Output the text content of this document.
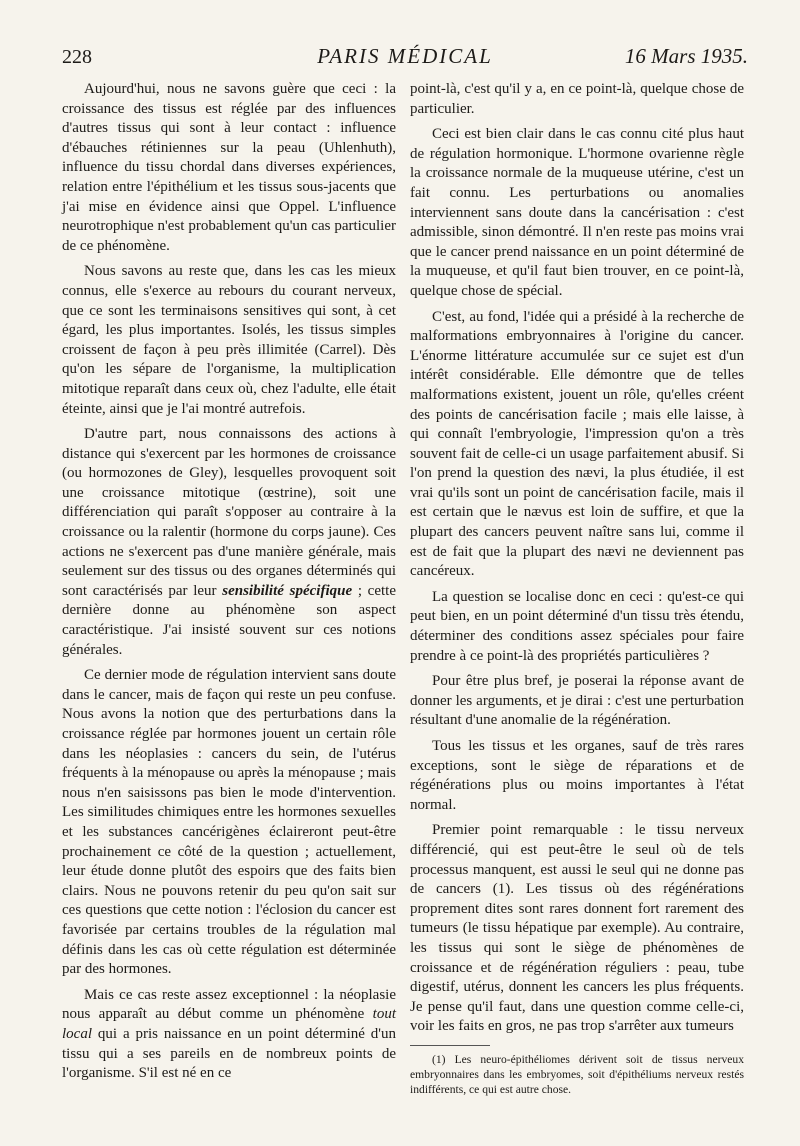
228	PARIS MÉDICAL	16 Mars 1935.

Aujourd'hui, nous ne savons guère que ceci : la croissance des tissus est réglée par des influences d'autres tissus qui sont à leur contact : influence d'ébauches rétiniennes sur la peau (Uhlenhuth), influence du tissu chordal dans diverses expériences, relation entre l'épithélium et les tissus sous-jacents que j'ai mise en évidence ainsi que Oppel. L'influence neurotrophique n'est probablement qu'un cas particulier de ce phénomène.

Nous savons au reste que, dans les cas les mieux connus, elle s'exerce au rebours du courant nerveux, que ce sont les terminaisons sensitives qui sont, à cet égard, les plus importantes. Isolés, les tissus simples croissent de façon à peu près illimitée (Carrel). Dès qu'on les sépare de l'organisme, la multiplication mitotique reparaît dans ceux où, chez l'adulte, elle était éteinte, ainsi que je l'ai montré autrefois.

D'autre part, nous connaissons des actions à distance qui s'exercent par les hormones de croissance (ou hormozones de Gley), lesquelles provoquent soit une croissance mitotique (œstrine), soit une différenciation qui paraît s'opposer au contraire à la croissance ou la ralentir (hormone du corps jaune). Ces actions ne s'exercent pas d'une manière générale, mais seulement sur des tissus ou des organes déterminés qui sont caractérisés par leur sensibilité spécifique ; cette dernière donne au phénomène son aspect caractéristique. J'ai insisté souvent sur ces notions générales.

Ce dernier mode de régulation intervient sans doute dans le cancer, mais de façon qui reste un peu confuse. Nous avons la notion que des perturbations dans la croissance réglée par hormones jouent un certain rôle dans les néoplasies : cancers du sein, de l'utérus fréquents à la ménopause ou après la ménopause ; mais nous n'en saisissons pas bien le mode d'intervention. Les similitudes chimiques entre les hormones sexuelles et les substances cancérigènes éclaireront peut-être prochainement ce côté de la question ; actuellement, leur étude donne plutôt des espoirs que des faits bien clairs. Nous ne pouvons retenir du peu qu'on sait sur ces questions que cette notion : l'éclosion du cancer est favorisée par certains troubles de la régulation mal définis dans les cas où cette régulation est déterminée par des hormones.

Mais ce cas reste assez exceptionnel : la néoplasie nous apparaît au début comme un phénomène tout local qui a pris naissance en un point déterminé d'un tissu qui a ses pareils en de nombreux points de l'organisme. S'il est né en ce

point-là, c'est qu'il y a, en ce point-là, quelque chose de particulier.

Ceci est bien clair dans le cas connu cité plus haut de régulation hormonique. L'hormone ovarienne règle la croissance normale de la muqueuse utérine, c'est un fait connu. Les perturbations ou anomalies interviennent sans doute dans la cancérisation : c'est admissible, sinon démontré. Il n'en reste pas moins vrai que le cancer prend naissance en un point déterminé de la muqueuse, et qu'il faut bien trouver, en ce point-là, quelque chose de spécial.

C'est, au fond, l'idée qui a présidé à la recherche de malformations embryonnaires à l'origine du cancer. L'énorme littérature accumulée sur ce sujet est d'un intérêt considérable. Elle démontre que de telles malformations existent, jouent un rôle, qu'elles créent des points de cancérisation facile ; mais elle laisse, à qui connaît l'embryologie, l'impression qu'on a très souvent fait de celle-ci un usage parfaitement abusif. Si l'on prend la question des nævi, la plus étudiée, il est vrai qu'ils sont un point de cancérisation facile, mais il est certain que le nævus est loin de suffire, et que la plupart des cancers peuvent naître sans lui, comme il est de fait que la plupart des nævi ne deviennent pas cancéreux.

La question se localise donc en ceci : qu'est-ce qui peut bien, en un point déterminé d'un tissu très étendu, déterminer des conditions assez spéciales pour faire prendre à ce point-là des propriétés particulières ?

Pour être plus bref, je poserai la réponse avant de donner les arguments, et je dirai : c'est une perturbation résultant d'une anomalie de la régénération.

Tous les tissus et les organes, sauf de très rares exceptions, sont le siège de réparations et de régénérations plus ou moins importantes à l'état normal.

Premier point remarquable : le tissu nerveux différencié, qui est peut-être le seul où de tels processus manquent, est aussi le seul qui ne donne pas de cancers (1). Les tissus où des régénérations proprement dites sont rares donnent fort rarement des tumeurs (le tissu hépatique par exemple). Au contraire, les tissus qui sont le siège de phénomènes de croissance et de régénération réguliers : peau, tube digestif, utérus, donnent les cancers les plus fréquents. Je pense qu'il faut, dans une question comme celle-ci, voir les faits en gros, ne pas trop s'arrêter aux tumeurs

(1) Les neuro-épithéliomes dérivent soit de tissus nerveux embryonnaires dans les embryomes, soit d'épithéliums nerveux restés indifférents, ce qui est autre chose.
